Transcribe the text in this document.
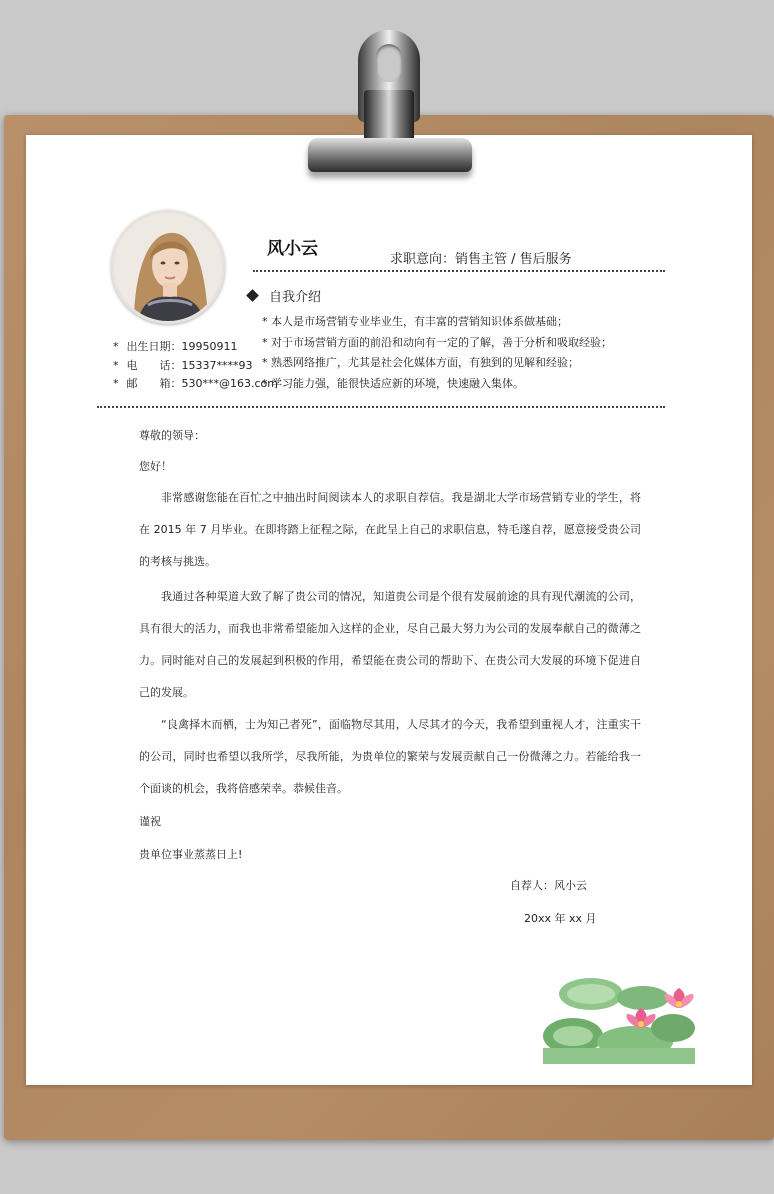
风小云
求职意向：销售主管 / 售后服务
自我介绍
* 本人是市场营销专业毕业生，有丰富的营销知识体系做基础；
* 对于市场营销方面的前沿和动向有一定的了解，善于分析和吸取经验；
* 熟悉网络推广，尤其是社会化媒体方面，有独到的见解和经验；
* 学习能力强，能很快适应新的环境，快速融入集体。
* 出生日期：19950911
* 电　　话：15337****93
* 邮　　箱：530***@163.com

尊敬的领导：

您好！

非常感谢您能在百忙之中抽出时间阅读本人的求职自荐信。我是湖北大学市场营销专业的学生，将在 2015 年 7 月毕业。在即将踏上征程之际，在此呈上自己的求职信息，特毛遂自荐，愿意接受贵公司的考核与挑选。

我通过各种渠道大致了解了贵公司的情况，知道贵公司是个很有发展前途的具有现代潮流的公司，具有很大的活力，而我也非常希望能加入这样的企业，尽自己最大努力为公司的发展奉献自己的微薄之力。同时能对自己的发展起到积极的作用，希望能在贵公司的帮助下、在贵公司大发展的环境下促进自己的发展。

“良禽择木而栖，士为知己者死”，面临物尽其用，人尽其才的今天，我希望到重视人才，注重实干的公司，同时也希望以我所学，尽我所能，为贵单位的繁荣与发展贡献自己一份微薄之力。若能给我一个面谈的机会，我将倍感荣幸。恭候佳音。

谨祝

贵单位事业蒸蒸日上!

自荐人：风小云

20xx 年 xx 月
